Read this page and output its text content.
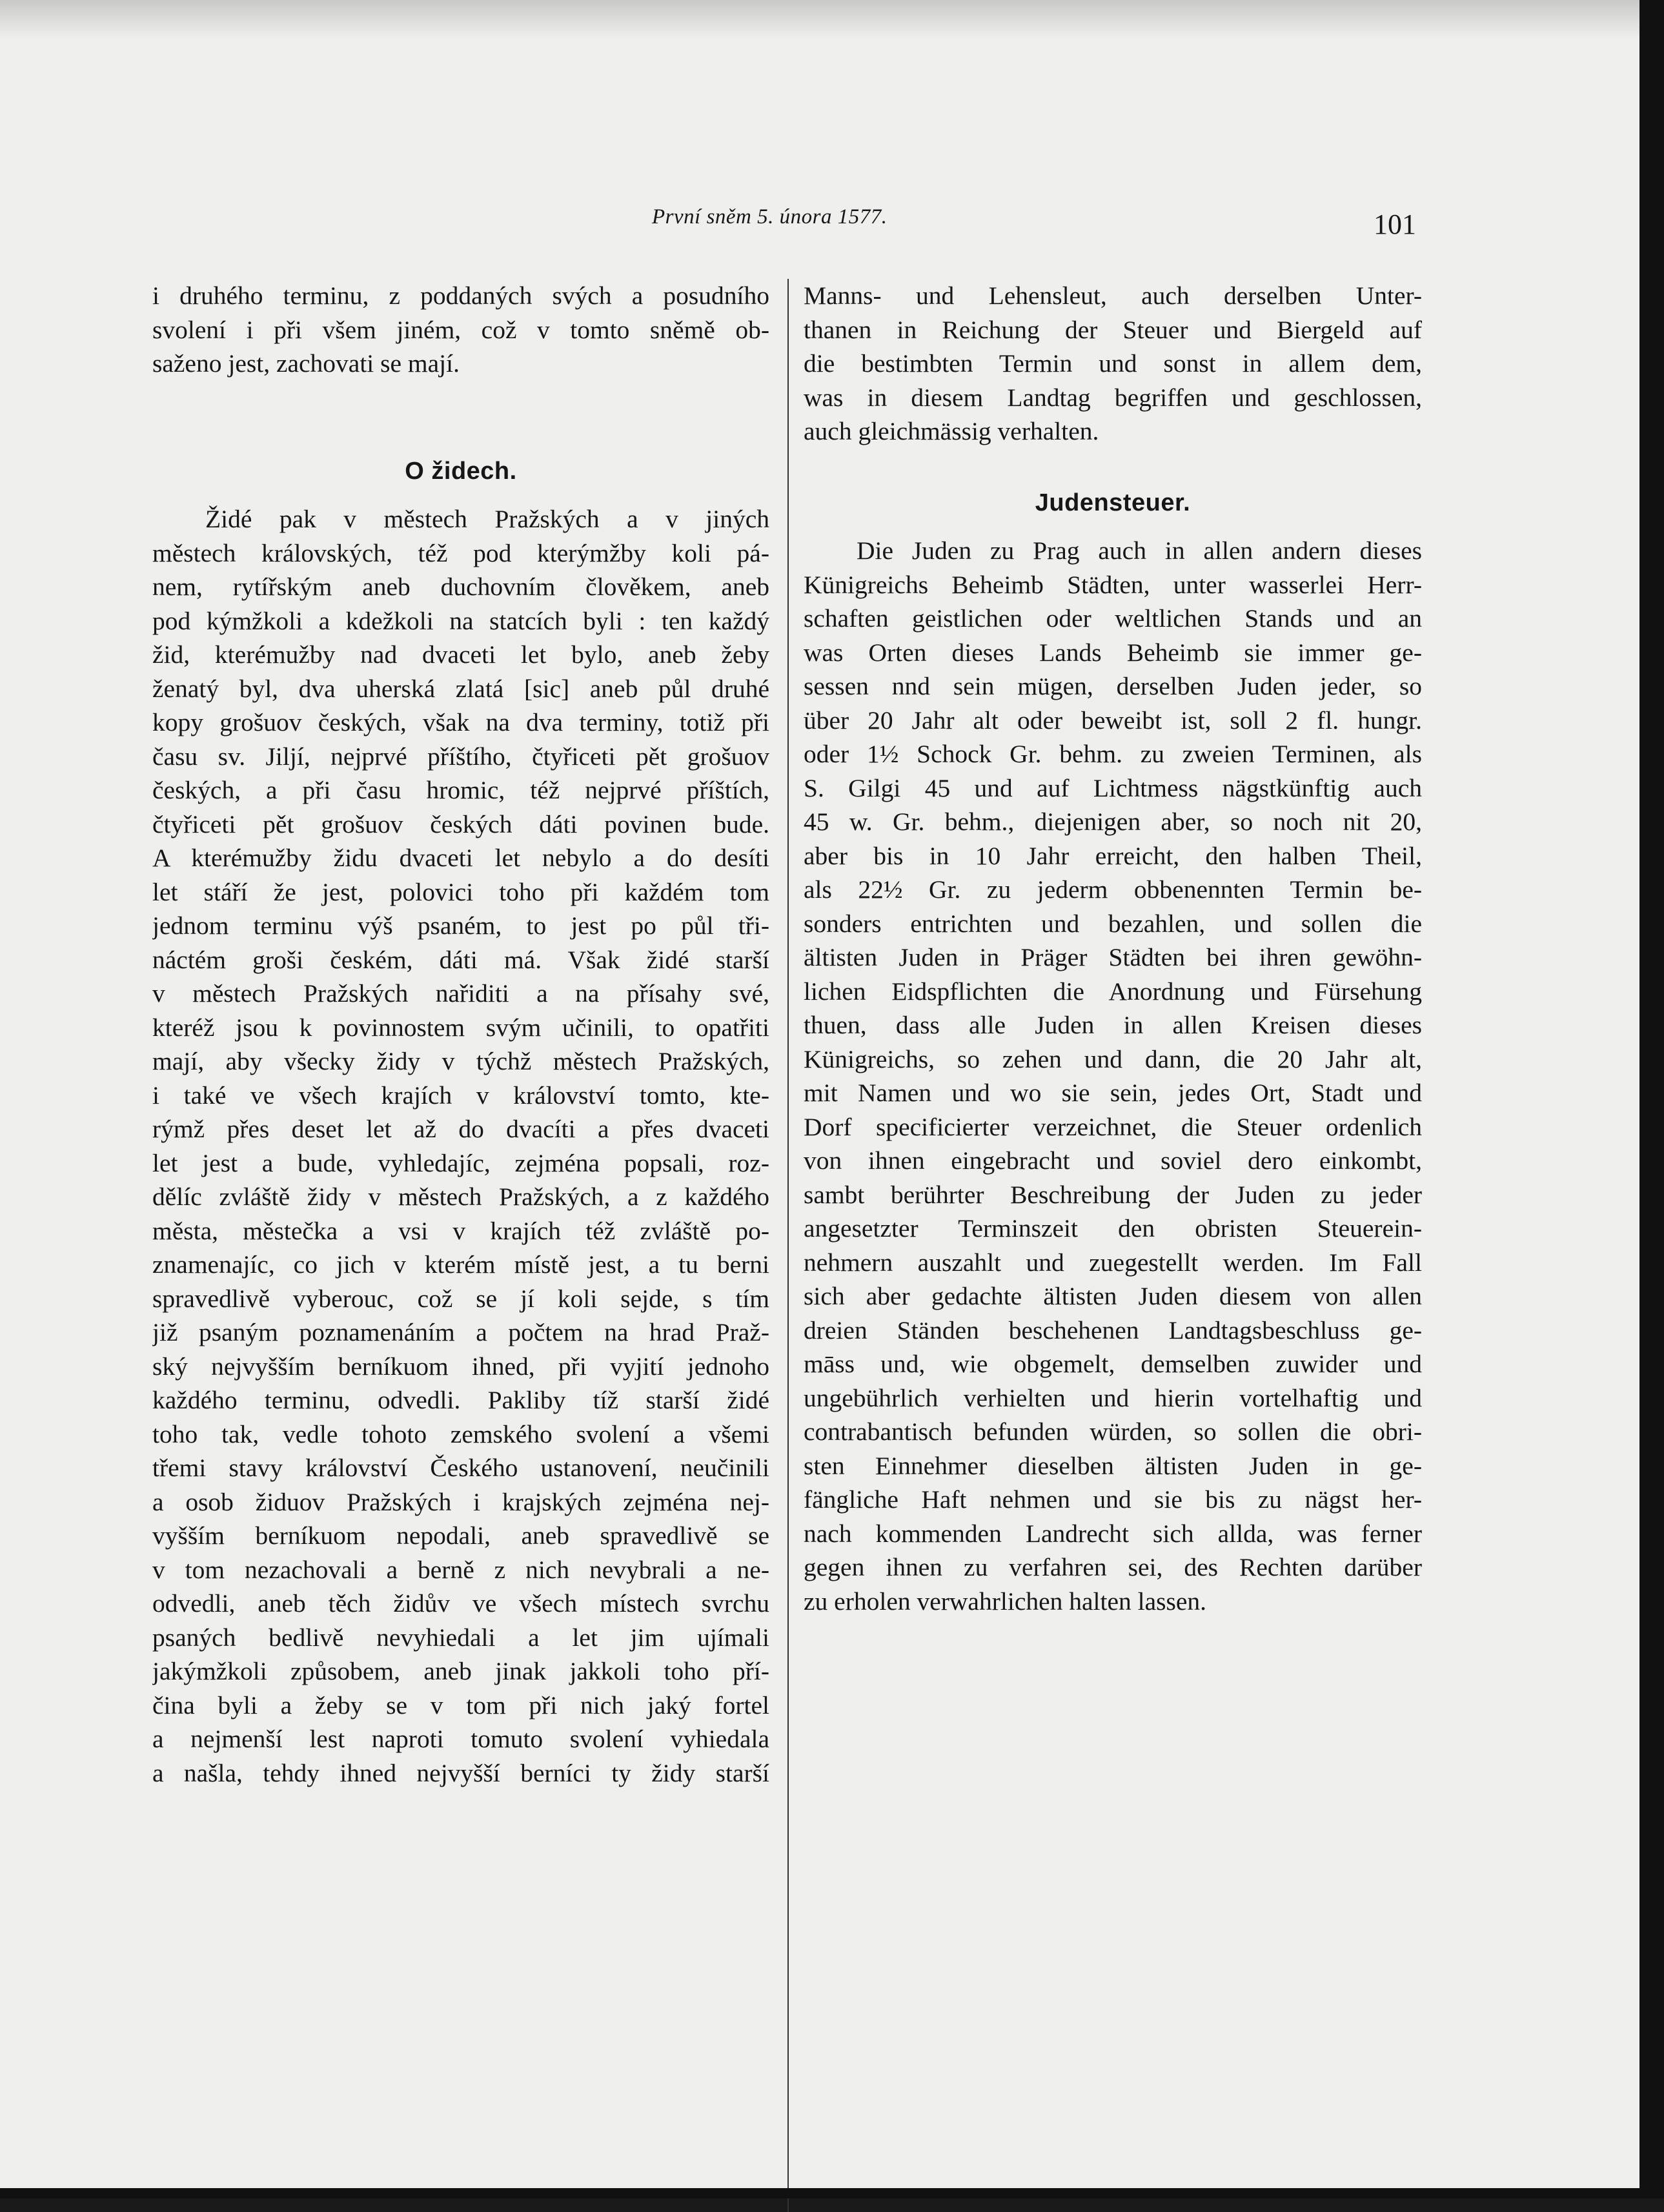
První sněm 5. února 1577.	101
i druhého terminu, z poddaných svých a posudního
svolení i při všem jiném, což v tomto sněmě ob-
saženo jest, zachovati se mají.
O židech.
Židé pak v městech Pražských a v jiných
městech královských, též pod kterýmžby koli pá-
nem, rytířským aneb duchovním člověkem, aneb
pod kýmžkoli a kdežkoli na statcích byli : ten každý
žid, kterémužby nad dvaceti let bylo, aneb žeby
ženatý byl, dva uherská zlatá [sic] aneb půl druhé
kopy grošuov českých, však na dva terminy, totiž při
času sv. Jiljí, nejprvé příštího, čtyřiceti pět grošuov
českých, a při času hromic, též nejprvé příštích,
čtyřiceti pět grošuov českých dáti povinen bude.
A kterémužby židu dvaceti let nebylo a do desíti
let stáří že jest, polovici toho při každém tom
jednom terminu výš psaném, to jest po půl tři-
náctém groši českém, dáti má. Však židé starší
v městech Pražských nařiditi a na přísahy své,
kteréž jsou k povinnostem svým učinili, to opatřiti
mají, aby všecky židy v týchž městech Pražských,
i také ve všech krajích v království tomto, kte-
rýmž přes deset let až do dvacíti a přes dvaceti
let jest a bude, vyhledajíc, zejména popsali, roz-
dělíc zvláště židy v městech Pražských, a z každého
města, městečka a vsi v krajích též zvláště po-
znamenajíc, co jich v kterém místě jest, a tu berni
spravedlivě vyberouc, což se jí koli sejde, s tím
již psaným poznamenáním a počtem na hrad Praž-
ský nejvyšším berníkuom ihned, při vyjití jednoho
každého terminu, odvedli. Pakliby tíž starší židé
toho tak, vedle tohoto zemského svolení a všemi
třemi stavy království Českého ustanovení, neučinili
a osob židuov Pražských i krajských zejména nej-
vyšším berníkuom nepodali, aneb spravedlivě se
v tom nezachovali a berně z nich nevybrali a ne-
odvedli, aneb těch židův ve všech místech svrchu
psaných bedlivě nevyhiedali a let jim ujímali
jakýmžkoli způsobem, aneb jinak jakkoli toho pří-
čina byli a žeby se v tom při nich jaký fortel
a nejmenší lest naproti tomuto svolení vyhiedala
a našla, tehdy ihned nejvyšší berníci ty židy starší
Manns- und Lehensleut, auch derselben Unter-
thanen in Reichung der Steuer und Biergeld auf
die bestimbten Termin und sonst in allem dem,
was in diesem Landtag begriffen und geschlossen,
auch gleichmässig verhalten.
Judensteuer.
Die Juden zu Prag auch in allen andern dieses
Künigreichs Beheimb Städten, unter wasserlei Herr-
schaften geistlichen oder weltlichen Stands und an
was Orten dieses Lands Beheimb sie immer ge-
sessen nnd sein mügen, derselben Juden jeder, so
über 20 Jahr alt oder beweibt ist, soll 2 fl. hungr.
oder 1½ Schock Gr. behm. zu zweien Terminen, als
S. Gilgi 45 und auf Lichtmess nägstkünftig auch
45 w. Gr. behm., diejenigen aber, so noch nit 20,
aber bis in 10 Jahr erreicht, den halben Theil,
als 22½ Gr. zu jederm obbenennten Termin be-
sonders entrichten und bezahlen, und sollen die
ältisten Juden in Präger Städten bei ihren gewöhn-
lichen Eidspflichten die Anordnung und Fürsehung
thuen, dass alle Juden in allen Kreisen dieses
Künigreichs, so zehen und dann, die 20 Jahr alt,
mit Namen und wo sie sein, jedes Ort, Stadt und
Dorf specificierter verzeichnet, die Steuer ordenlich
von ihnen eingebracht und soviel dero einkombt,
sambt berührter Beschreibung der Juden zu jeder
angesetzter Terminszeit den obristen Steuerein-
nehmern auszahlt und zuegestellt werden. Im Fall
sich aber gedachte ältisten Juden diesem von allen
dreien Ständen beschehenen Landtagsbeschluss ge-
māss und, wie obgemelt, demselben zuwider und
ungebührlich verhielten und hierin vortelhaftig und
contrabantisch befunden würden, so sollen die obri-
sten Einnehmer dieselben ältisten Juden in ge-
fängliche Haft nehmen und sie bis zu nägst her-
nach kommenden Landrecht sich allda, was ferner
gegen ihnen zu verfahren sei, des Rechten darüber
zu erholen verwahrlichen halten lassen.
